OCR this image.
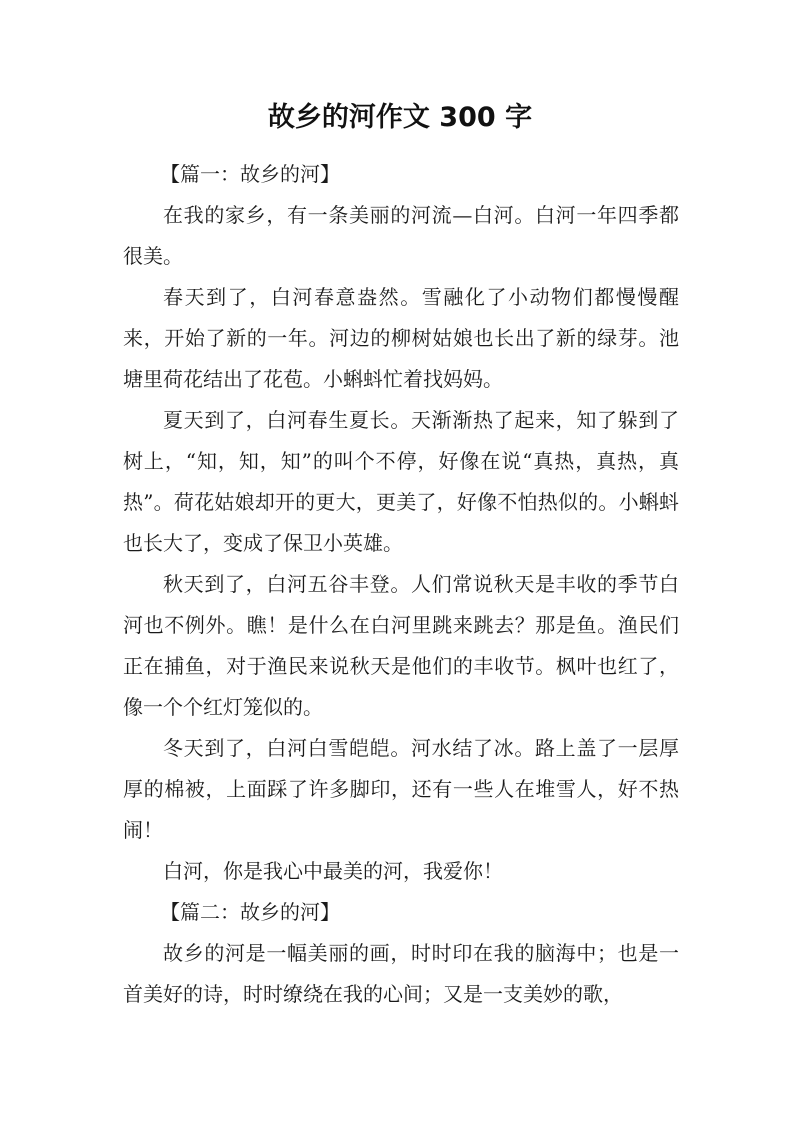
故乡的河作文 300 字

【篇一：故乡的河】

在我的家乡，有一条美丽的河流—白河。白河一年四季都很美。

春天到了，白河春意盎然。雪融化了小动物们都慢慢醒来，开始了新的一年。河边的柳树姑娘也长出了新的绿芽。池塘里荷花结出了花苞。小蝌蚪忙着找妈妈。

夏天到了，白河春生夏长。天渐渐热了起来，知了躲到了树上，“知，知，知”的叫个不停，好像在说“真热，真热，真热”。荷花姑娘却开的更大，更美了，好像不怕热似的。小蝌蚪也长大了，变成了保卫小英雄。

秋天到了，白河五谷丰登。人们常说秋天是丰收的季节白河也不例外。瞧！是什么在白河里跳来跳去？那是鱼。渔民们正在捕鱼，对于渔民来说秋天是他们的丰收节。枫叶也红了，像一个个红灯笼似的。

冬天到了，白河白雪皑皑。河水结了冰。路上盖了一层厚厚的棉被，上面踩了许多脚印，还有一些人在堆雪人，好不热闹！

白河，你是我心中最美的河，我爱你！

【篇二：故乡的河】

故乡的河是一幅美丽的画，时时印在我的脑海中；也是一首美好的诗，时时缭绕在我的心间；又是一支美妙的歌，
